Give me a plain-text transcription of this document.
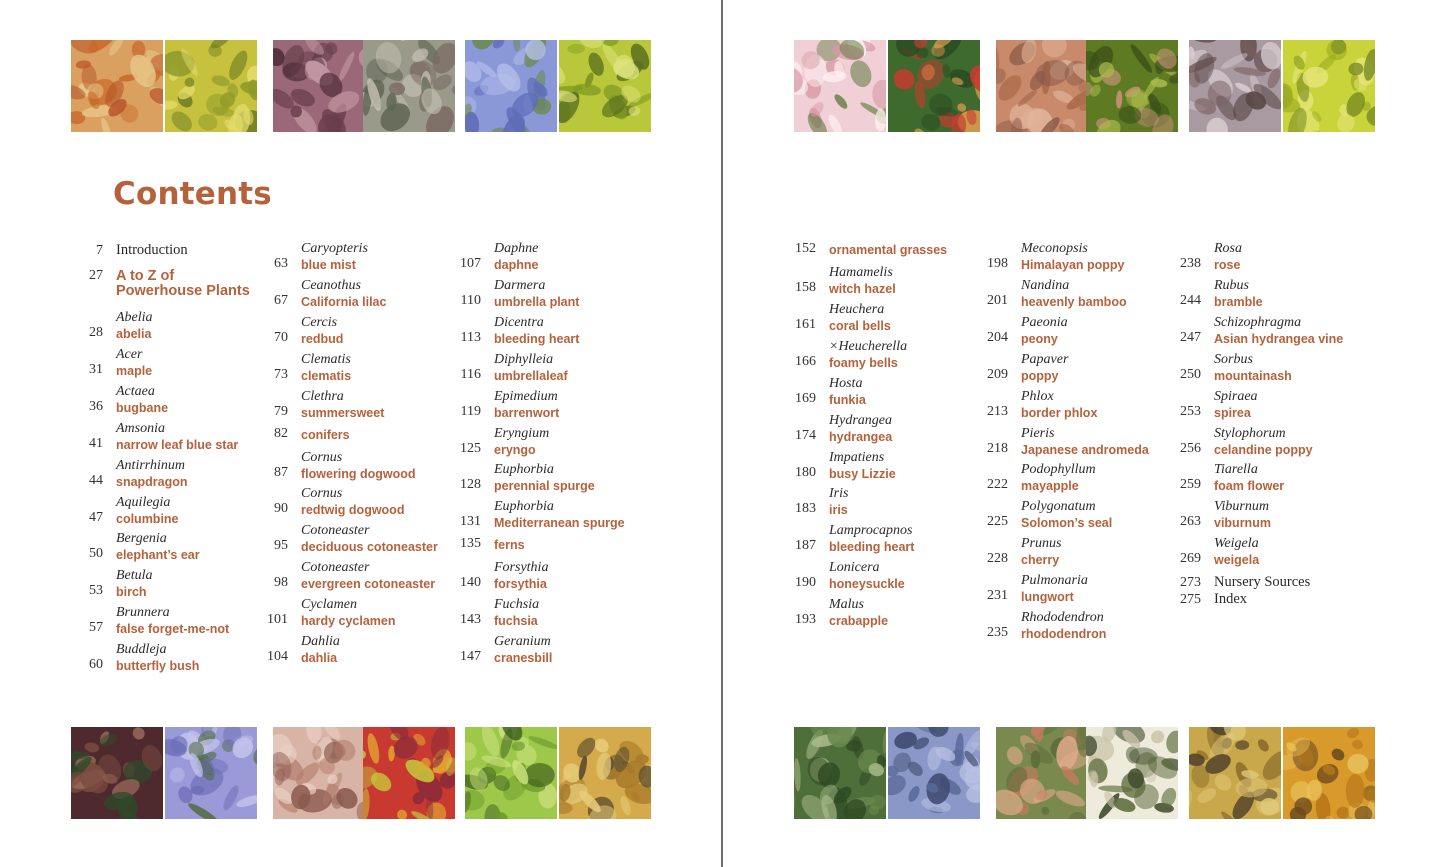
Contents
7 Introduction
27 A to Z of
Powerhouse Plants
Abelia
28 abelia
Acer
31 maple
Actaea
36 bugbane
Amsonia
41 narrow leaf blue star
Antirrhinum
44 snapdragon
Aquilegia
47 columbine
Bergenia
50 elephant’s ear
Betula
53 birch
Brunnera
57 false forget-me-not
Buddleja
60 butterfly bush
Caryopteris
63 blue mist
Ceanothus
67 California lilac
Cercis
70 redbud
Clematis
73 clematis
Clethra
79 summersweet
82 conifers
Cornus
87 flowering dogwood
Cornus
90 redtwig dogwood
Cotoneaster
95 deciduous cotoneaster
Cotoneaster
98 evergreen cotoneaster
Cyclamen
101 hardy cyclamen
Dahlia
104 dahlia
Daphne
107 daphne
Darmera
110 umbrella plant
Dicentra
113 bleeding heart
Diphylleia
116 umbrellaleaf
Epimedium
119 barrenwort
Eryngium
125 eryngo
Euphorbia
128 perennial spurge
Euphorbia
131 Mediterranean spurge
135 ferns
Forsythia
140 forsythia
Fuchsia
143 fuchsia
Geranium
147 cranesbill
152 ornamental grasses
Hamamelis
158 witch hazel
Heuchera
161 coral bells
×Heucherella
166 foamy bells
Hosta
169 funkia
Hydrangea
174 hydrangea
Impatiens
180 busy Lizzie
Iris
183 iris
Lamprocapnos
187 bleeding heart
Lonicera
190 honeysuckle
Malus
193 crabapple
Meconopsis
198 Himalayan poppy
Nandina
201 heavenly bamboo
Paeonia
204 peony
Papaver
209 poppy
Phlox
213 border phlox
Pieris
218 Japanese andromeda
Podophyllum
222 mayapple
Polygonatum
225 Solomon’s seal
Prunus
228 cherry
Pulmonaria
231 lungwort
Rhododendron
235 rhododendron
Rosa
238 rose
Rubus
244 bramble
Schizophragma
247 Asian hydrangea vine
Sorbus
250 mountainash
Spiraea
253 spirea
Stylophorum
256 celandine poppy
Tiarella
259 foam flower
Viburnum
263 viburnum
Weigela
269 weigela
273 Nursery Sources
275 Index
